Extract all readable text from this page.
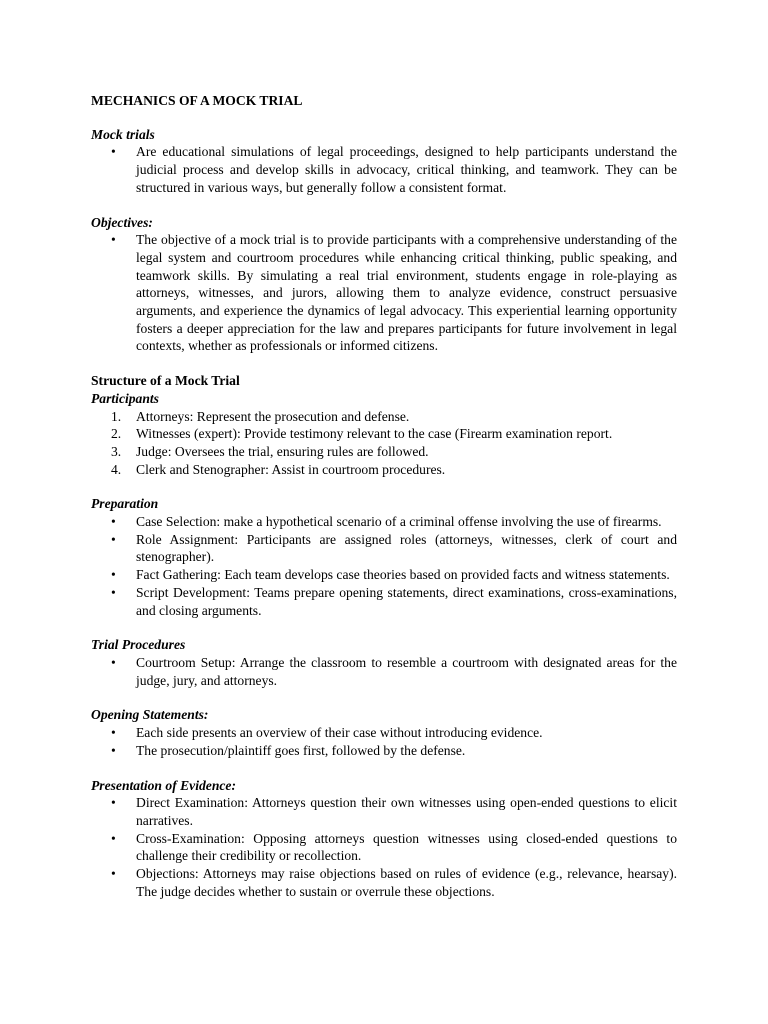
MECHANICS OF A MOCK TRIAL
Mock trials
• Are educational simulations of legal proceedings, designed to help participants understand the judicial process and develop skills in advocacy, critical thinking, and teamwork. They can be structured in various ways, but generally follow a consistent format.
Objectives:
• The objective of a mock trial is to provide participants with a comprehensive understanding of the legal system and courtroom procedures while enhancing critical thinking, public speaking, and teamwork skills. By simulating a real trial environment, students engage in role-playing as attorneys, witnesses, and jurors, allowing them to analyze evidence, construct persuasive arguments, and experience the dynamics of legal advocacy. This experiential learning opportunity fosters a deeper appreciation for the law and prepares participants for future involvement in legal contexts, whether as professionals or informed citizens.
Structure of a Mock Trial
Participants
1. Attorneys: Represent the prosecution and defense.
2. Witnesses (expert): Provide testimony relevant to the case (Firearm examination report.
3. Judge: Oversees the trial, ensuring rules are followed.
4. Clerk and Stenographer: Assist in courtroom procedures.
Preparation
• Case Selection: make a hypothetical scenario of a criminal offense involving the use of firearms.
• Role Assignment: Participants are assigned roles (attorneys, witnesses, clerk of court and stenographer).
• Fact Gathering: Each team develops case theories based on provided facts and witness statements.
• Script Development: Teams prepare opening statements, direct examinations, cross-examinations, and closing arguments.
Trial Procedures
• Courtroom Setup: Arrange the classroom to resemble a courtroom with designated areas for the judge, jury, and attorneys.
Opening Statements:
• Each side presents an overview of their case without introducing evidence.
• The prosecution/plaintiff goes first, followed by the defense.
Presentation of Evidence:
• Direct Examination: Attorneys question their own witnesses using open-ended questions to elicit narratives.
• Cross-Examination: Opposing attorneys question witnesses using closed-ended questions to challenge their credibility or recollection.
• Objections: Attorneys may raise objections based on rules of evidence (e.g., relevance, hearsay). The judge decides whether to sustain or overrule these objections.
